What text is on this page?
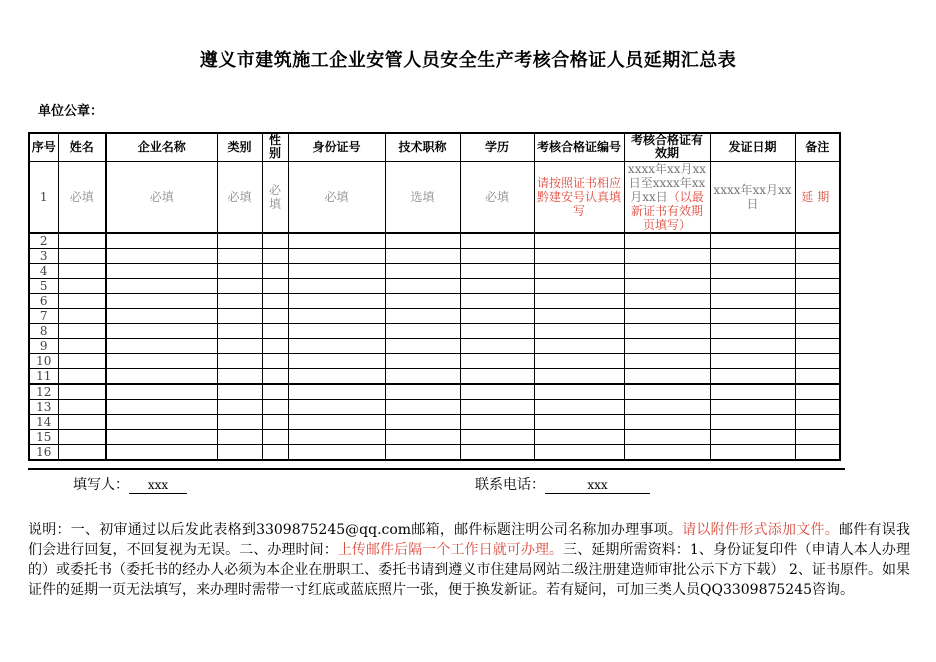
遵义市建筑施工企业安管人员安全生产考核合格证人员延期汇总表
单位公章：
序号	姓名	企业名称	类别	性别	身份证号	技术职称	学历	考核合格证编号	考核合格证有效期	发证日期	备注
1	必填	必填	必填	必填	必填	选填	必填	请按照证书相应黔建安号认真填写	xxxx年xx月xx日至xxxx年xx月xx日（以最新证书有效期页填写）	xxxx年xx月xx日	延期
2											
3											
4											
5											
6											
7											
8											
9											
10											
11											
12											
13											
14											
15											
16											
填写人： xxx	联系电话：	xxx

说明：一、初审通过以后发此表格到3309875245@qq.com邮箱，邮件标题注明公司名称加办理事项。请以附件形式添加文件。邮件有误我们会进行回复，不回复视为无误。二、办理时间：上传邮件后隔一个工作日就可办理。三、延期所需资料：1、身份证复印件（申请人本人办理的）或委托书（委托书的经办人必须为本企业在册职工、委托书请到遵义市住建局网站二级注册建造师审批公示下方下载） 2、证书原件。如果证件的延期一页无法填写，来办理时需带一寸红底或蓝底照片一张，便于换发新证。若有疑问，可加三类人员QQ3309875245咨询。
